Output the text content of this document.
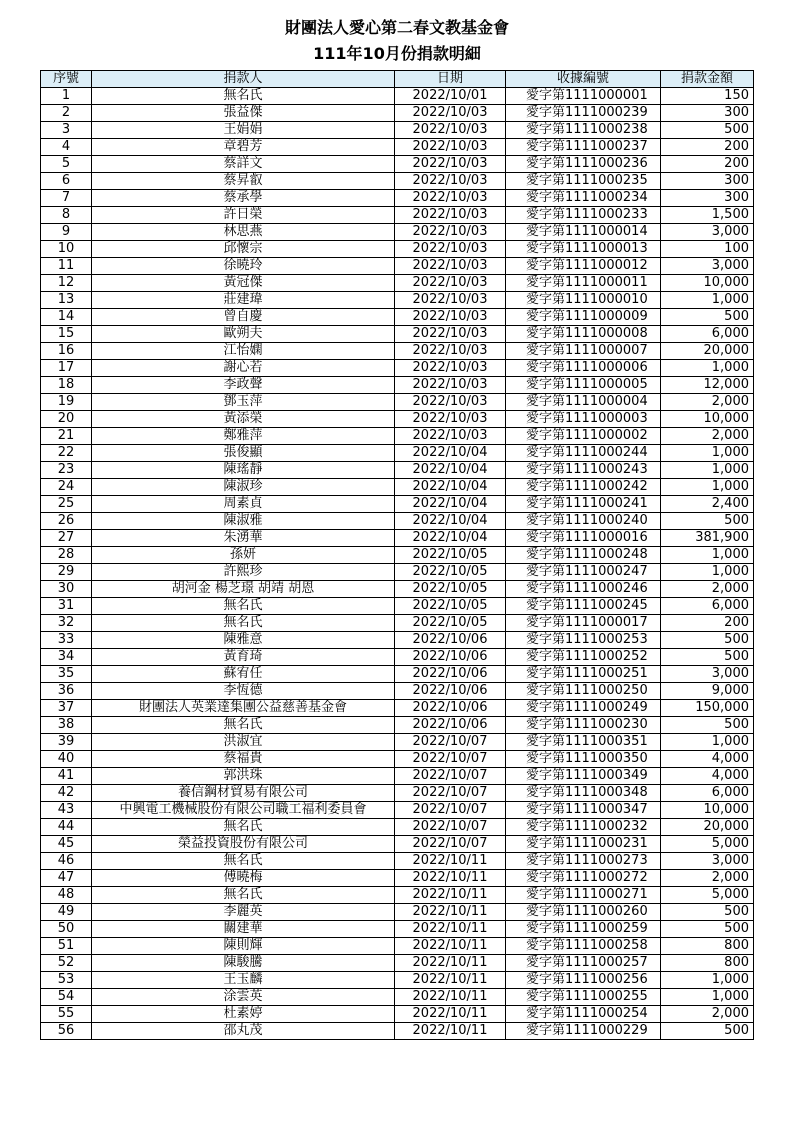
財團法人愛心第二春文教基金會
111年10月份捐款明細
序號	捐款人	日期	收據編號	捐款金額
1	無名氏	2022/10/01	愛字第1111000001	150
2	張益傑	2022/10/03	愛字第1111000239	300
3	王娟娟	2022/10/03	愛字第1111000238	500
4	章碧芳	2022/10/03	愛字第1111000237	200
5	蔡詳文	2022/10/03	愛字第1111000236	200
6	蔡昇叡	2022/10/03	愛字第1111000235	300
7	蔡承學	2022/10/03	愛字第1111000234	300
8	許日榮	2022/10/03	愛字第1111000233	1,500
9	林思燕	2022/10/03	愛字第1111000014	3,000
10	邱懷宗	2022/10/03	愛字第1111000013	100
11	徐曉玲	2022/10/03	愛字第1111000012	3,000
12	黃冠傑	2022/10/03	愛字第1111000011	10,000
13	莊建瑋	2022/10/03	愛字第1111000010	1,000
14	曾自慶	2022/10/03	愛字第1111000009	500
15	歐朔夫	2022/10/03	愛字第1111000008	6,000
16	江怡嫻	2022/10/03	愛字第1111000007	20,000
17	謝心若	2022/10/03	愛字第1111000006	1,000
18	李政聲	2022/10/03	愛字第1111000005	12,000
19	鄧玉萍	2022/10/03	愛字第1111000004	2,000
20	黃添榮	2022/10/03	愛字第1111000003	10,000
21	鄭雅萍	2022/10/03	愛字第1111000002	2,000
22	張俊顯	2022/10/04	愛字第1111000244	1,000
23	陳瑤靜	2022/10/04	愛字第1111000243	1,000
24	陳淑珍	2022/10/04	愛字第1111000242	1,000
25	周素貞	2022/10/04	愛字第1111000241	2,400
26	陳淑雅	2022/10/04	愛字第1111000240	500
27	朱湧華	2022/10/04	愛字第1111000016	381,900
28	孫妍	2022/10/05	愛字第1111000248	1,000
29	許熙珍	2022/10/05	愛字第1111000247	1,000
30	胡河金 楊芝璟 胡靖 胡恩	2022/10/05	愛字第1111000246	2,000
31	無名氏	2022/10/05	愛字第1111000245	6,000
32	無名氏	2022/10/05	愛字第1111000017	200
33	陳雅意	2022/10/06	愛字第1111000253	500
34	黃育琦	2022/10/06	愛字第1111000252	500
35	蘇宥任	2022/10/06	愛字第1111000251	3,000
36	李恆德	2022/10/06	愛字第1111000250	9,000
37	財團法人英業達集團公益慈善基金會	2022/10/06	愛字第1111000249	150,000
38	無名氏	2022/10/06	愛字第1111000230	500
39	洪淑宜	2022/10/07	愛字第1111000351	1,000
40	蔡福貴	2022/10/07	愛字第1111000350	4,000
41	郭洪珠	2022/10/07	愛字第1111000349	4,000
42	養信鋼材貿易有限公司	2022/10/07	愛字第1111000348	6,000
43	中興電工機械股份有限公司職工福利委員會	2022/10/07	愛字第1111000347	10,000
44	無名氏	2022/10/07	愛字第1111000232	20,000
45	榮益投資股份有限公司	2022/10/07	愛字第1111000231	5,000
46	無名氏	2022/10/11	愛字第1111000273	3,000
47	傅曉梅	2022/10/11	愛字第1111000272	2,000
48	無名氏	2022/10/11	愛字第1111000271	5,000
49	李麗英	2022/10/11	愛字第1111000260	500
50	關建華	2022/10/11	愛字第1111000259	500
51	陳則輝	2022/10/11	愛字第1111000258	800
52	陳駿騰	2022/10/11	愛字第1111000257	800
53	王玉麟	2022/10/11	愛字第1111000256	1,000
54	涂雲英	2022/10/11	愛字第1111000255	1,000
55	杜素婷	2022/10/11	愛字第1111000254	2,000
56	邵丸茂	2022/10/11	愛字第1111000229	500
